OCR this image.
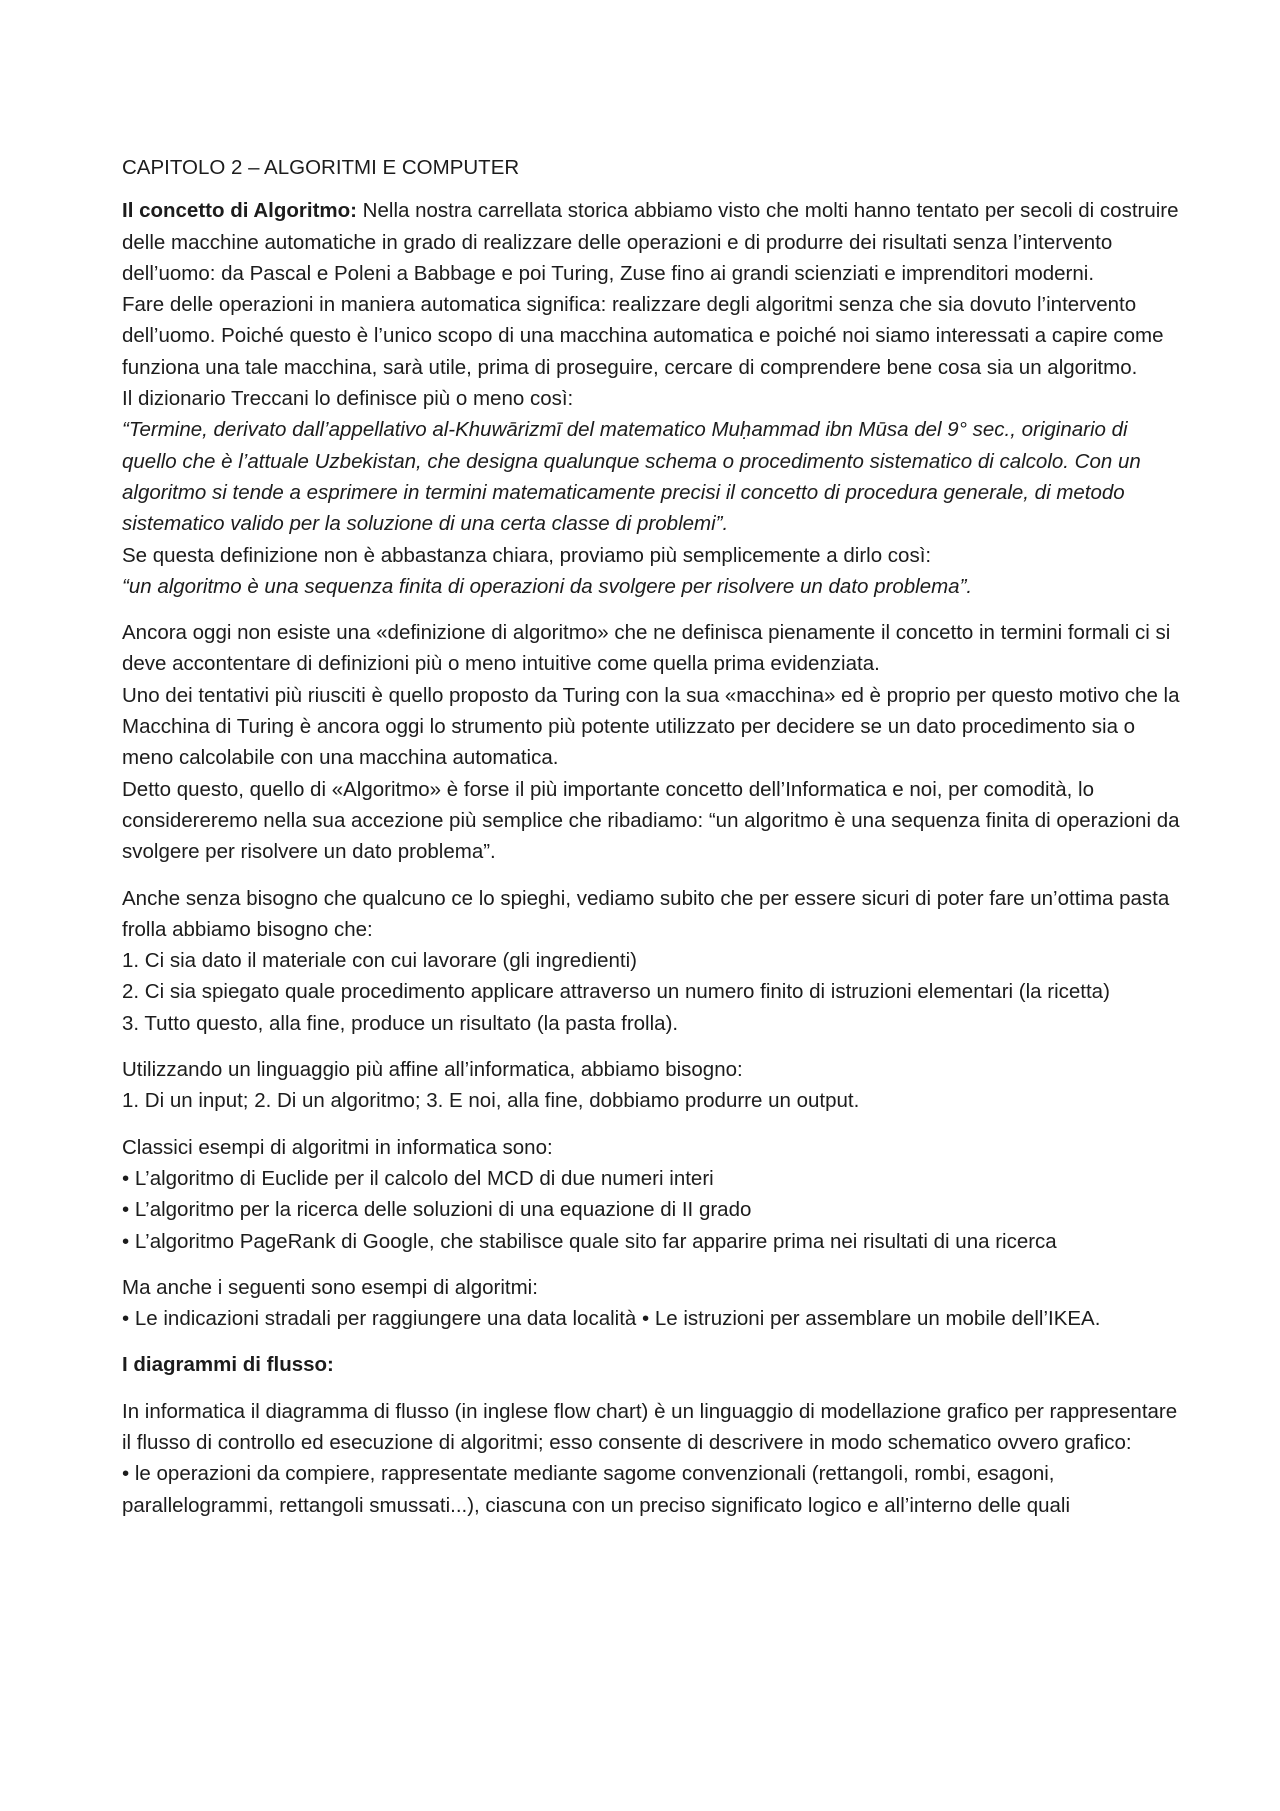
CAPITOLO 2 – ALGORITMI E COMPUTER

Il concetto di Algoritmo: Nella nostra carrellata storica abbiamo visto che molti hanno tentato per secoli di costruire delle macchine automatiche in grado di realizzare delle operazioni e di produrre dei risultati senza l’intervento dell’uomo: da Pascal e Poleni a Babbage e poi Turing, Zuse fino ai grandi scienziati e imprenditori moderni.

Fare delle operazioni in maniera automatica significa: realizzare degli algoritmi senza che sia dovuto l’intervento dell’uomo. Poiché questo è l’unico scopo di una macchina automatica e poiché noi siamo interessati a capire come funziona una tale macchina, sarà utile, prima di proseguire, cercare di comprendere bene cosa sia un algoritmo.

Il dizionario Treccani lo definisce più o meno così:

“Termine, derivato dall’appellativo al-Khuwārizmī del matematico Muḥammad ibn Mūsa del 9° sec., originario di quello che è l’attuale Uzbekistan, che designa qualunque schema o procedimento sistematico di calcolo. Con un algoritmo si tende a esprimere in termini matematicamente precisi il concetto di procedura generale, di metodo sistematico valido per la soluzione di una certa classe di problemi”.

Se questa definizione non è abbastanza chiara, proviamo più semplicemente a dirlo così:

“un algoritmo è una sequenza finita di operazioni da svolgere per risolvere un dato problema”.

Ancora oggi non esiste una «definizione di algoritmo» che ne definisca pienamente il concetto in termini formali ci si deve accontentare di definizioni più o meno intuitive come quella prima evidenziata.

Uno dei tentativi più riusciti è quello proposto da Turing con la sua «macchina» ed è proprio per questo motivo che la Macchina di Turing è ancora oggi lo strumento più potente utilizzato per decidere se un dato procedimento sia o meno calcolabile con una macchina automatica.

Detto questo, quello di «Algoritmo» è forse il più importante concetto dell’Informatica e noi, per comodità, lo considereremo nella sua accezione più semplice che ribadiamo: “un algoritmo è una sequenza finita di operazioni da svolgere per risolvere un dato problema”.

Anche senza bisogno che qualcuno ce lo spieghi, vediamo subito che per essere sicuri di poter fare un’ottima pasta frolla abbiamo bisogno che:

1. Ci sia dato il materiale con cui lavorare (gli ingredienti)

2. Ci sia spiegato quale procedimento applicare attraverso un numero finito di istruzioni elementari (la ricetta)

3. Tutto questo, alla fine, produce un risultato (la pasta frolla).

Utilizzando un linguaggio più affine all’informatica, abbiamo bisogno:

1. Di un input; 2. Di un algoritmo; 3. E noi, alla fine, dobbiamo produrre un output.

Classici esempi di algoritmi in informatica sono:

• L’algoritmo di Euclide per il calcolo del MCD di due numeri interi

• L’algoritmo per la ricerca delle soluzioni di una equazione di II grado

• L’algoritmo PageRank di Google, che stabilisce quale sito far apparire prima nei risultati di una ricerca

Ma anche i seguenti sono esempi di algoritmi:

• Le indicazioni stradali per raggiungere una data località • Le istruzioni per assemblare un mobile dell’IKEA.

I diagrammi di flusso:

In informatica il diagramma di flusso (in inglese flow chart) è un linguaggio di modellazione grafico per rappresentare il flusso di controllo ed esecuzione di algoritmi; esso consente di descrivere in modo schematico ovvero grafico:

• le operazioni da compiere, rappresentate mediante sagome convenzionali (rettangoli, rombi, esagoni, parallelogrammi, rettangoli smussati...), ciascuna con un preciso significato logico e all’interno delle quali
